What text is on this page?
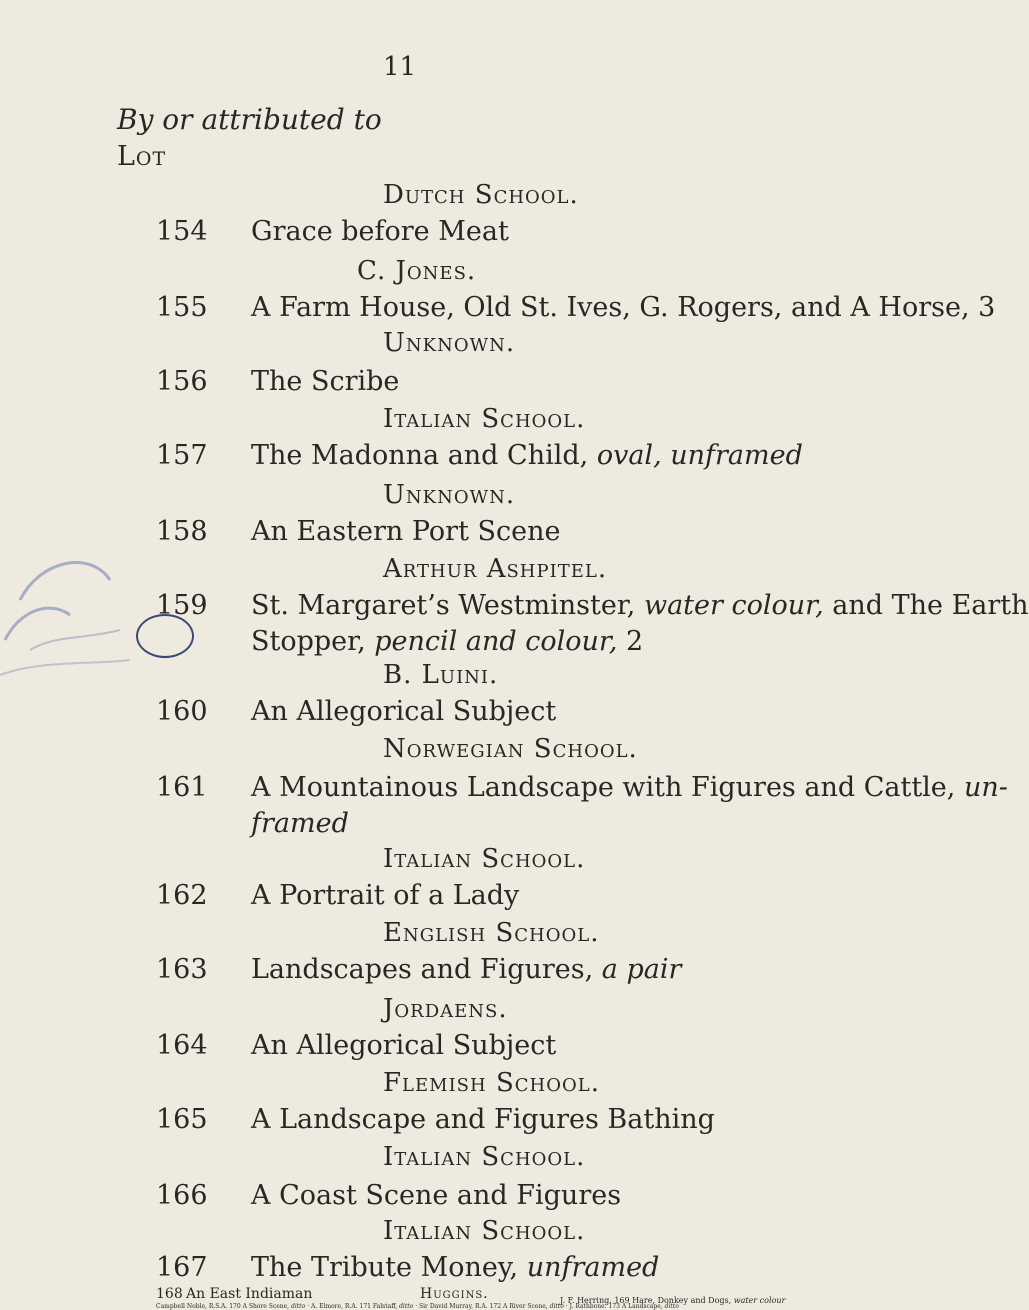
11
By or attributed to
Lot
Dutch School.
154 Grace before Meat
C. Jones.
155 A Farm House, Old St. Ives, G. Rogers, and A Horse, 3
Unknown.
156 The Scribe
Italian School.
157 The Madonna and Child, oval, unframed
Unknown.
158 An Eastern Port Scene
Arthur Ashpitel.
159 St. Margaret’s Westminster, water colour, and The Earth
Stopper, pencil and colour, 2
B. Luini.
160 An Allegorical Subject
Norwegian School.
161 A Mountainous Landscape with Figures and Cattle, un-
framed
Italian School.
162 A Portrait of a Lady
English School.
163 Landscapes and Figures, a pair
Jordaens.
164 An Allegorical Subject
Flemish School.
165 A Landscape and Figures Bathing
Italian School.
166 A Coast Scene and Figures
Italian School.
167 The Tribute Money, unframed
Huggins.
168 An East Indiaman	J. F. Herring. 169 Hare, Donkey and Dogs, water colour
Campbell Noble, R.S.A. 170 A Shore Scene, ditto · A. Elmore, R.A. 171 Falstaff, ditto · Sir David Murray, R.A. 172 A River Scene, ditto · J. Rathbone. 173 A Landscape, ditto
